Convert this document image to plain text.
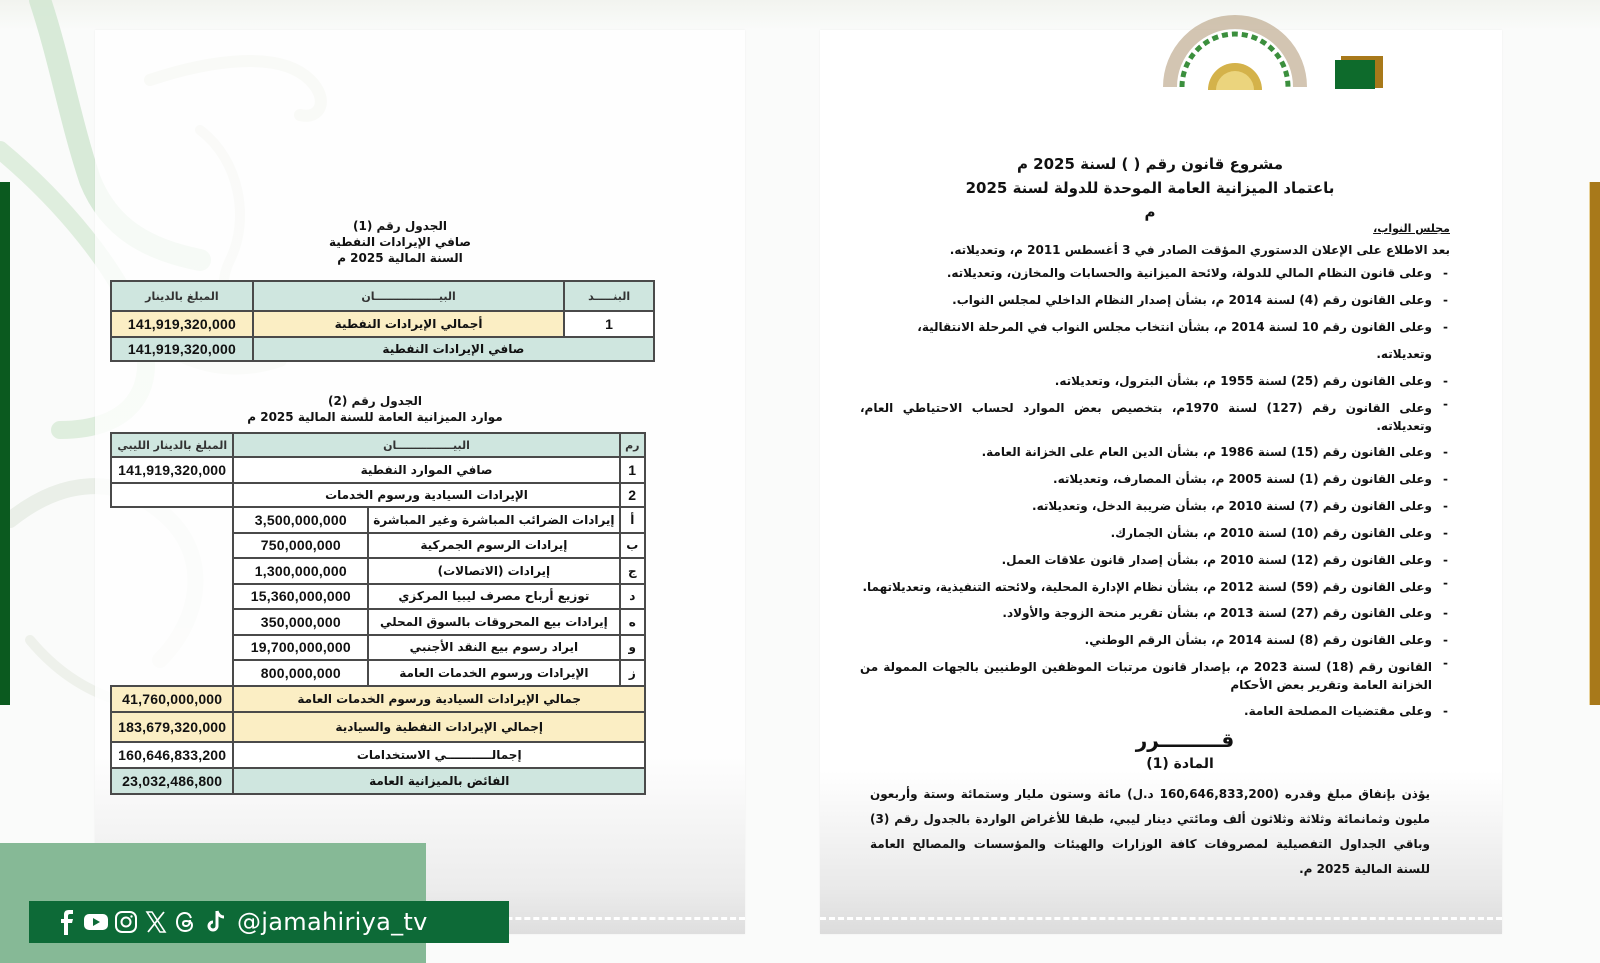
الجدول رقم (1)
صافي الإيرادات النفطية
السنة المالية 2025 م
البنـــــد	البيـــــــــــــــــان	المبلغ بالدينار
1	أجمالي الإيرادات النفطية	141,919,320,000
صافي الإيرادات النفطية		141,919,320,000
الجدول رقم (2)
موارد الميزانية العامة للسنة المالية 2025 م
رم	البيـــــــــــــــان		المبلغ بالدينار الليبي
1	صافي الموارد النفطية		141,919,320,000
2	الإيرادات السيادية ورسوم الخدمات		
أ	إيرادات الضرائب المباشرة وغير المباشرة	3,500,000,000	
ب	إيرادات الرسوم الجمركية	750,000,000	
ج	إيرادات (الاتصالات)	1,300,000,000	
د	توزيع أرباح مصرف ليبيا المركزي	15,360,000,000	
ه	إيرادات بيع المحروقات بالسوق المحلي	350,000,000	
و	ايراد رسوم بيع النقد الأجنبي	19,700,000,000	
ز	الإيرادات ورسوم الخدمات العامة	800,000,000	
جمالي الإيرادات السيادية ورسوم الخدمات العامة			41,760,000,000
إجمالي الإيرادات النفطية والسيادية			183,679,320,000
إجمالـــــــــــي الاستخدامات			160,646,833,200
الفائض بالميزانية العامة			23,032,486,800
مشروع قانون رقم ( ) لسنة 2025 م
باعتماد الميزانية العامة الموحدة للدولة لسنة 2025 م
مجلس النواب،
بعد الاطلاع على الإعلان الدستوري المؤقت الصادر في 3 أغسطس 2011 م، وتعديلاته.
- وعلى قانون النظام المالي للدولة، ولائحة الميزانية والحسابات والمخازن، وتعديلاته.
- وعلى القانون رقم (4) لسنة 2014 م، بشأن إصدار النظام الداخلي لمجلس النواب.
- وعلى القانون رقم 10 لسنة 2014 م، بشأن انتخاب مجلس النواب في المرحلة الانتقالية، وتعديلاته.
- وعلى القانون رقم (25) لسنة 1955 م، بشأن البترول، وتعديلاته.
- وعلى القانون رقم (127) لسنة 1970م، بتخصيص بعض الموارد لحساب الاحتياطي العام، وتعديلاته.
- وعلى القانون رقم (15) لسنة 1986 م، بشأن الدين العام على الخزانة العامة.
- وعلى القانون رقم (1) لسنة 2005 م، بشأن المصارف، وتعديلاته.
- وعلى القانون رقم (7) لسنة 2010 م، بشأن ضريبة الدخل، وتعديلاته.
- وعلى القانون رقم (10) لسنة 2010 م، بشأن الجمارك.
- وعلى القانون رقم (12) لسنة 2010 م، بشأن إصدار قانون علاقات العمل.
- وعلى القانون رقم (59) لسنة 2012 م، بشأن نظام الإدارة المحلية، ولائحته التنفيذية، وتعديلاتهما.
- وعلى القانون رقم (27) لسنة 2013 م، بشأن تقرير منحة الزوجة والأولاد.
- وعلى القانون رقم (8) لسنة 2014 م، بشأن الرقم الوطني.
- القانون رقم (18) لسنة 2023 م، بإصدار قانون مرتبات الموظفين الوطنيين بالجهات الممولة من الخزانة العامة وتقرير بعض الأحكام
- وعلى مقتضيات المصلحة العامة.
قـــــــــرر
المادة (1)
يؤذن بإنفاق مبلغ وقدره (160,646,833,200 د.ل) مائة وستون مليار وستمائة وستة وأربعون مليون وثمانمائة وثلاثة وثلاثون ألف ومائتي دينار ليبي، طبقا للأغراض الواردة بالجدول رقم (3) وباقي الجداول التفصيلية لمصروفات كافة الوزارات والهيئات والمؤسسات والمصالح العامة للسنة المالية 2025 م.
@jamahiriya_tv
